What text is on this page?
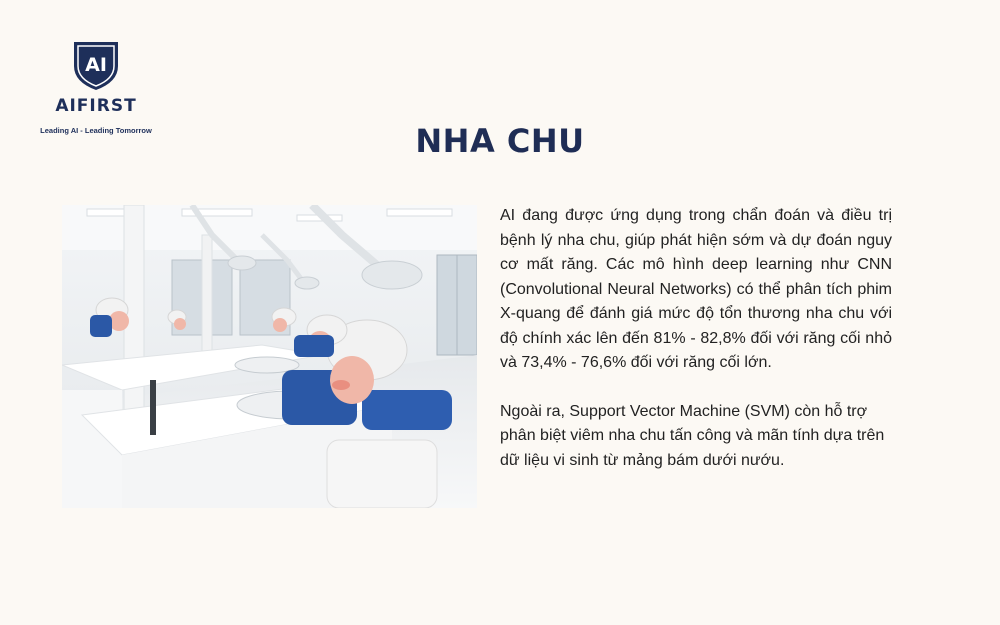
AI
AIFIRST
Leading AI - Leading Tomorrow	NHA CHU

AI đang được ứng dụng trong chẩn đoán và điều trị bệnh lý nha chu, giúp phát hiện sớm và dự đoán nguy cơ mất răng. Các mô hình deep learning như CNN (Convolutional Neural Networks) có thể phân tích phim X-quang để đánh giá mức độ tổn thương nha chu với độ chính xác lên đến 81% - 82,8% đối với răng cối nhỏ và 73,4% - 76,6% đối với răng cối lớn.

Ngoài ra, Support Vector Machine (SVM) còn hỗ trợ phân biệt viêm nha chu tấn công và mãn tính dựa trên dữ liệu vi sinh từ mảng bám dưới nướu.
